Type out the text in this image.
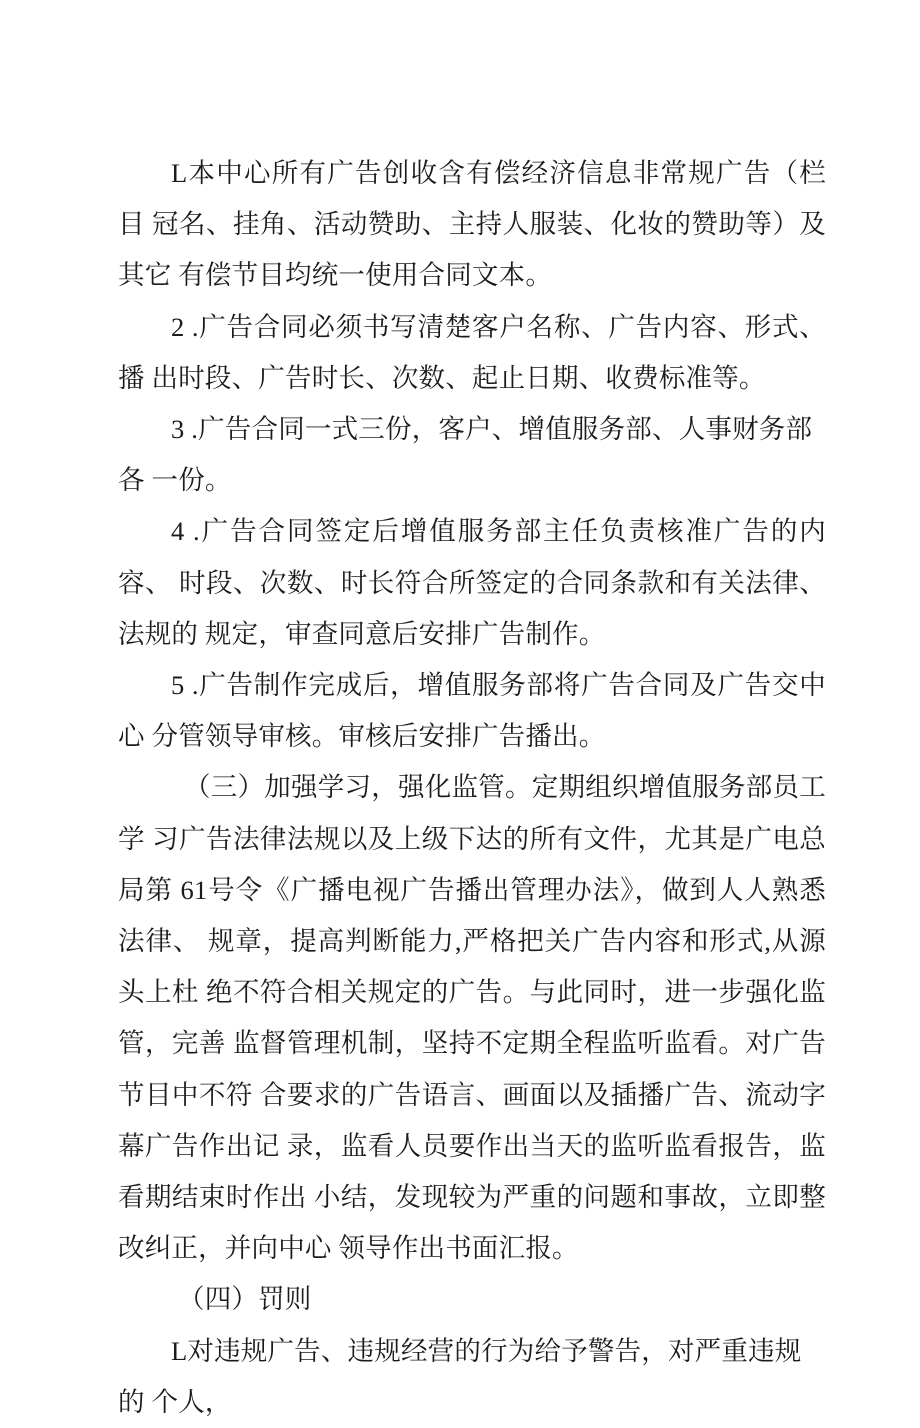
L本中心所有广告创收含有偿经济信息非常规广告（栏目 冠名、挂角、活动赞助、主持人服装、化妆的赞助等）及其它 有偿节目均统一使用合同文本。

2 .广告合同必须书写清楚客户名称、广告内容、形式、播 出时段、广告时长、次数、起止日期、收费标准等。

3 .广告合同一式三份，客户、增值服务部、人事财务部各 一份。

4 .广告合同签定后增值服务部主任负责核准广告的内容、 时段、次数、时长符合所签定的合同条款和有关法律、法规的 规定，审查同意后安排广告制作。

5 .广告制作完成后，增值服务部将广告合同及广告交中心 分管领导审核。审核后安排广告播出。

（三）加强学习，强化监管。定期组织增值服务部员工学 习广告法律法规以及上级下达的所有文件，尤其是广电总局第 61号令《广播电视广告播出管理办法》，做到人人熟悉法律、 规章，提高判断能力,严格把关广告内容和形式,从源头上杜 绝不符合相关规定的广告。与此同时，进一步强化监管，完善 监督管理机制，坚持不定期全程监听监看。对广告节目中不符 合要求的广告语言、画面以及插播广告、流动字幕广告作出记 录，监看人员要作出当天的监听监看报告，监看期结束时作出 小结，发现较为严重的问题和事故，立即整改纠正，并向中心 领导作出书面汇报。

（四）罚则

L对违规广告、违规经营的行为给予警告，对严重违规的 个人，
